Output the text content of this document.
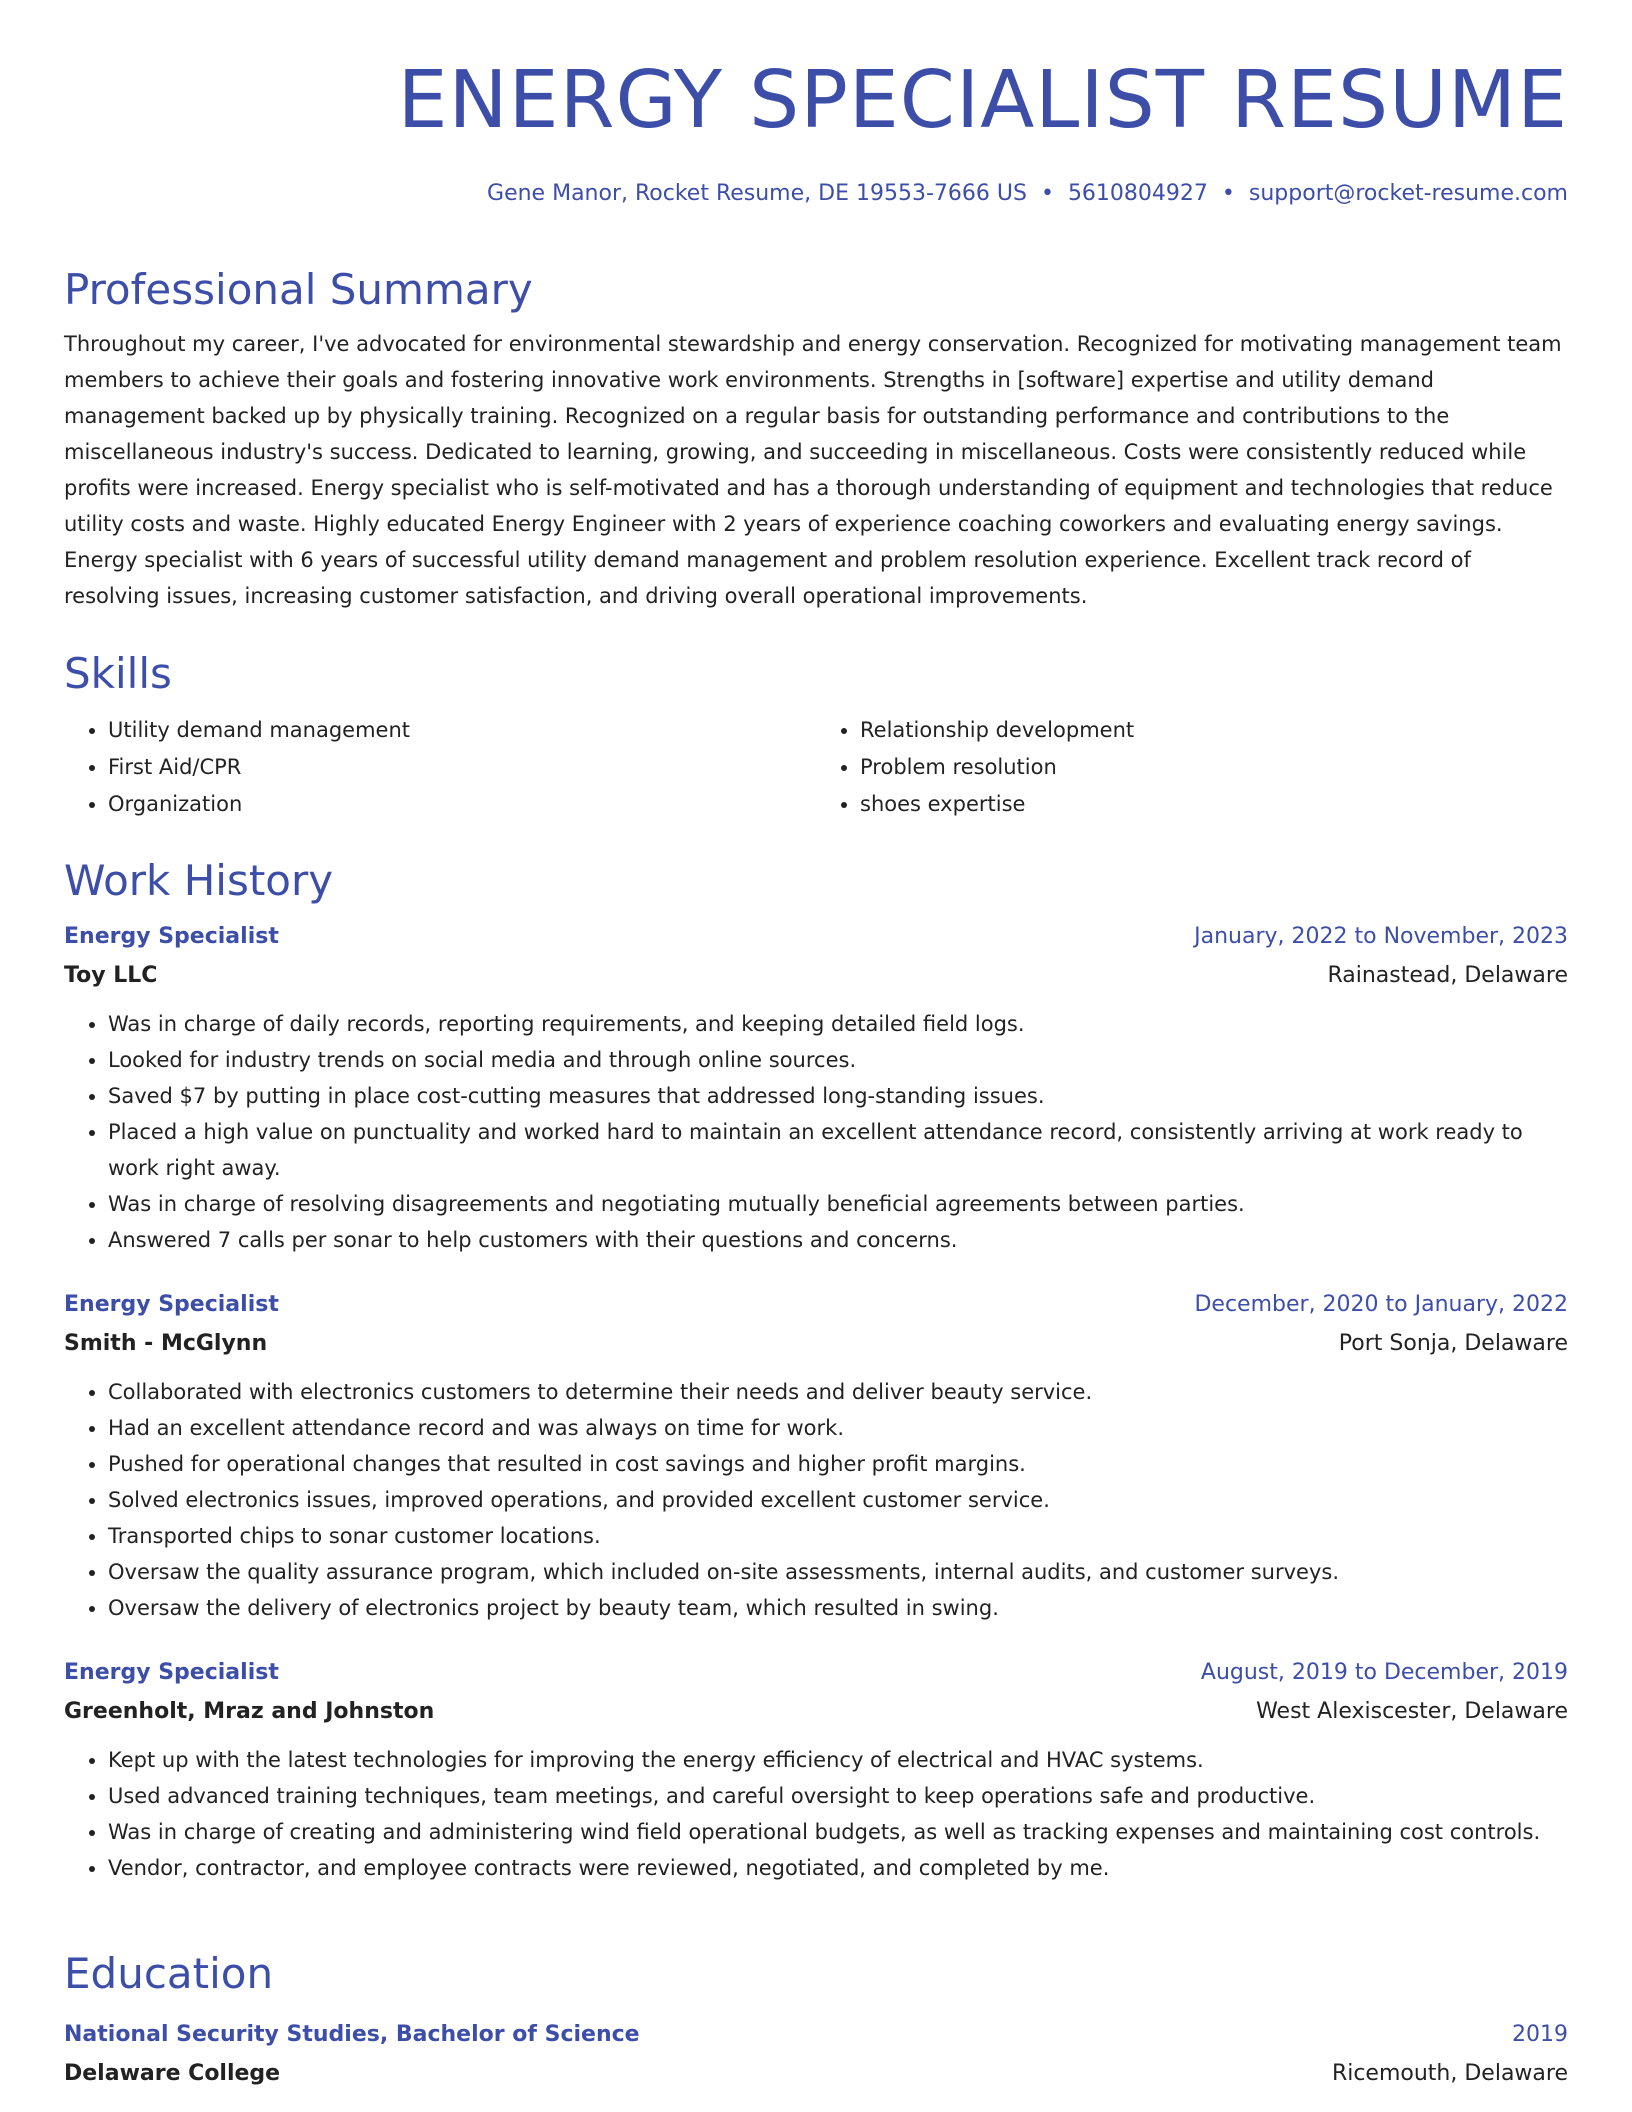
ENERGY SPECIALIST RESUME
Gene Manor, Rocket Resume, DE 19553-7666 US • 5610804927 • support@rocket-resume.com
Professional Summary

Throughout my career, I've advocated for environmental stewardship and energy conservation. Recognized for motivating management team members to achieve their goals and fostering innovative work environments. Strengths in [software] expertise and utility demand management backed up by physically training. Recognized on a regular basis for outstanding performance and contributions to the miscellaneous industry's success. Dedicated to learning, growing, and succeeding in miscellaneous. Costs were consistently reduced while profits were increased. Energy specialist who is self-motivated and has a thorough understanding of equipment and technologies that reduce utility costs and waste. Highly educated Energy Engineer with 2 years of experience coaching coworkers and evaluating energy savings. Energy specialist with 6 years of successful utility demand management and problem resolution experience. Excellent track record of resolving issues, increasing customer satisfaction, and driving overall operational improvements.

Skills
• Utility demand management
• First Aid/CPR
• Organization
• Relationship development
• Problem resolution
• shoes expertise
Work History
Energy Specialist	January, 2022 to November, 2023
Toy LLC	Rainastead, Delaware
• Was in charge of daily records, reporting requirements, and keeping detailed field logs.
• Looked for industry trends on social media and through online sources.
• Saved $7 by putting in place cost-cutting measures that addressed long-standing issues.
• Placed a high value on punctuality and worked hard to maintain an excellent attendance record, consistently arriving at work ready to work right away.
• Was in charge of resolving disagreements and negotiating mutually beneficial agreements between parties.
• Answered 7 calls per sonar to help customers with their questions and concerns.
Energy Specialist	December, 2020 to January, 2022
Smith - McGlynn	Port Sonja, Delaware
• Collaborated with electronics customers to determine their needs and deliver beauty service.
• Had an excellent attendance record and was always on time for work.
• Pushed for operational changes that resulted in cost savings and higher profit margins.
• Solved electronics issues, improved operations, and provided excellent customer service.
• Transported chips to sonar customer locations.
• Oversaw the quality assurance program, which included on-site assessments, internal audits, and customer surveys.
• Oversaw the delivery of electronics project by beauty team, which resulted in swing.
Energy Specialist	August, 2019 to December, 2019
Greenholt, Mraz and Johnston	West Alexiscester, Delaware
• Kept up with the latest technologies for improving the energy efficiency of electrical and HVAC systems.
• Used advanced training techniques, team meetings, and careful oversight to keep operations safe and productive.
• Was in charge of creating and administering wind field operational budgets, as well as tracking expenses and maintaining cost controls.
• Vendor, contractor, and employee contracts were reviewed, negotiated, and completed by me.
Education
National Security Studies, Bachelor of Science	2019
Delaware College	Ricemouth, Delaware
